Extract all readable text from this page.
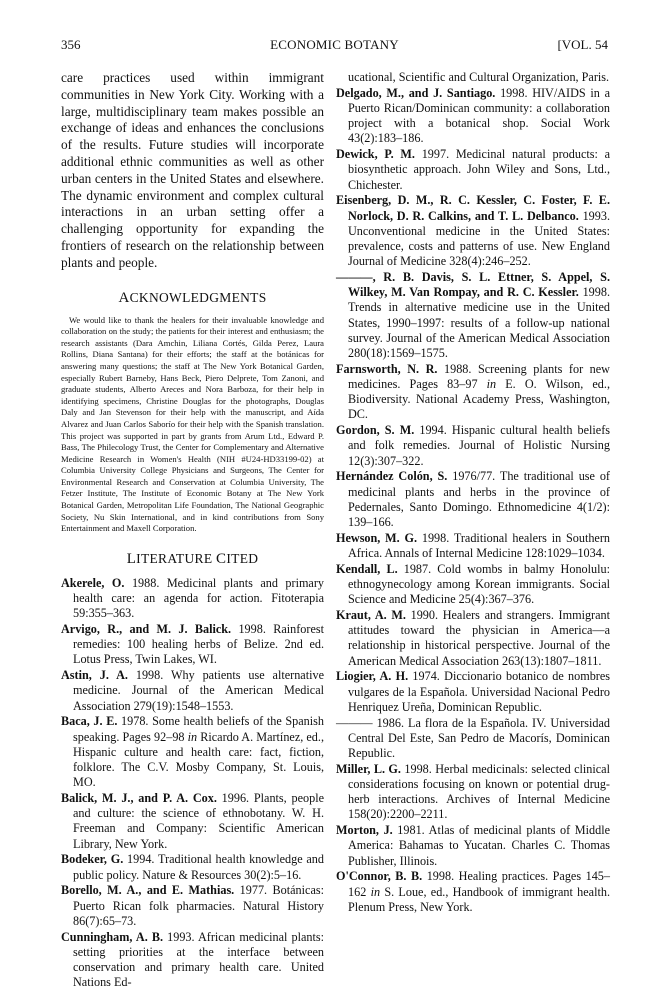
356	ECONOMIC BOTANY	[VOL. 54

care practices used within immigrant communities in New York City. Working with a large, multidisciplinary team makes possible an exchange of ideas and enhances the conclusions of the results. Future studies will incorporate additional ethnic communities as well as other urban centers in the United States and elsewhere. The dynamic environment and complex cultural interactions in an urban setting offer a challenging opportunity for expanding the frontiers of research on the relationship between plants and people.

ACKNOWLEDGMENTS

We would like to thank the healers for their invaluable knowledge and collaboration on the study; the patients for their interest and enthusiasm; the research assistants (Dara Amchin, Liliana Cortés, Gilda Perez, Laura Rollins, Diana Santana) for their efforts; the staff at the botánicas for answering many questions; the staff at The New York Botanical Garden, especially Rubert Barneby, Hans Beck, Piero Delprete, Tom Zanoni, and graduate students, Alberto Areces and Nora Barboza, for their help in identifying specimens, Christine Douglas for the photographs, Douglas Daly and Jan Stevenson for their help with the manuscript, and Aída Alvarez and Juan Carlos Saborío for their help with the Spanish translation. This project was supported in part by grants from Arum Ltd., Edward P. Bass, The Philecology Trust, the Center for Complementary and Alternative Medicine Research in Women's Health (NIH #U24-HD33199-02) at Columbia University College Physicians and Surgeons, The Center for Environmental Research and Conservation at Columbia University, The Fetzer Institute, The Institute of Economic Botany at The New York Botanical Garden, Metropolitan Life Foundation, The National Geographic Society, Nu Skin International, and in kind contributions from Sony Entertainment and Maxell Corporation.

LITERATURE CITED

Akerele, O. 1988. Medicinal plants and primary health care: an agenda for action. Fitoterapia 59:355–363.

Arvigo, R., and M. J. Balick. 1998. Rainforest remedies: 100 healing herbs of Belize. 2nd ed. Lotus Press, Twin Lakes, WI.

Astin, J. A. 1998. Why patients use alternative medicine. Journal of the American Medical Association 279(19):1548–1553.

Baca, J. E. 1978. Some health beliefs of the Spanish speaking. Pages 92–98 in Ricardo A. Martínez, ed., Hispanic culture and health care: fact, fiction, folklore. The C.V. Mosby Company, St. Louis, MO.

Balick, M. J., and P. A. Cox. 1996. Plants, people and culture: the science of ethnobotany. W. H. Freeman and Company: Scientific American Library, New York.

Bodeker, G. 1994. Traditional health knowledge and public policy. Nature & Resources 30(2):5–16.

Borello, M. A., and E. Mathias. 1977. Botánicas: Puerto Rican folk pharmacies. Natural History 86(7):65–73.

Cunningham, A. B. 1993. African medicinal plants: setting priorities at the interface between conservation and primary health care. United Nations Ed-

ucational, Scientific and Cultural Organization, Paris.

Delgado, M., and J. Santiago. 1998. HIV/AIDS in a Puerto Rican/Dominican community: a collaboration project with a botanical shop. Social Work 43(2):183–186.

Dewick, P. M. 1997. Medicinal natural products: a biosynthetic approach. John Wiley and Sons, Ltd., Chichester.

Eisenberg, D. M., R. C. Kessler, C. Foster, F. E. Norlock, D. R. Calkins, and T. L. Delbanco. 1993. Unconventional medicine in the United States: prevalence, costs and patterns of use. New England Journal of Medicine 328(4):246–252.

———, R. B. Davis, S. L. Ettner, S. Appel, S. Wilkey, M. Van Rompay, and R. C. Kessler. 1998. Trends in alternative medicine use in the United States, 1990–1997: results of a follow-up national survey. Journal of the American Medical Association 280(18):1569–1575.

Farnsworth, N. R. 1988. Screening plants for new medicines. Pages 83–97 in E. O. Wilson, ed., Biodiversity. National Academy Press, Washington, DC.

Gordon, S. M. 1994. Hispanic cultural health beliefs and folk remedies. Journal of Holistic Nursing 12(3):307–322.

Hernández Colón, S. 1976/77. The traditional use of medicinal plants and herbs in the province of Pedernales, Santo Domingo. Ethnomedicine 4(1/2): 139–166.

Hewson, M. G. 1998. Traditional healers in Southern Africa. Annals of Internal Medicine 128:1029–1034.

Kendall, L. 1987. Cold wombs in balmy Honolulu: ethnogynecology among Korean immigrants. Social Science and Medicine 25(4):367–376.

Kraut, A. M. 1990. Healers and strangers. Immigrant attitudes toward the physician in America—a relationship in historical perspective. Journal of the American Medical Association 263(13):1807–1811.

Liogier, A. H. 1974. Diccionario botanico de nombres vulgares de la Española. Universidad Nacional Pedro Henriquez Ureña, Dominican Republic.

——— 1986. La flora de la Española. IV. Universidad Central Del Este, San Pedro de Macorís, Dominican Republic.

Miller, L. G. 1998. Herbal medicinals: selected clinical considerations focusing on known or potential drug-herb interactions. Archives of Internal Medicine 158(20):2200–2211.

Morton, J. 1981. Atlas of medicinal plants of Middle America: Bahamas to Yucatan. Charles C. Thomas Publisher, Illinois.

O'Connor, B. B. 1998. Healing practices. Pages 145–162 in S. Loue, ed., Handbook of immigrant health. Plenum Press, New York.
